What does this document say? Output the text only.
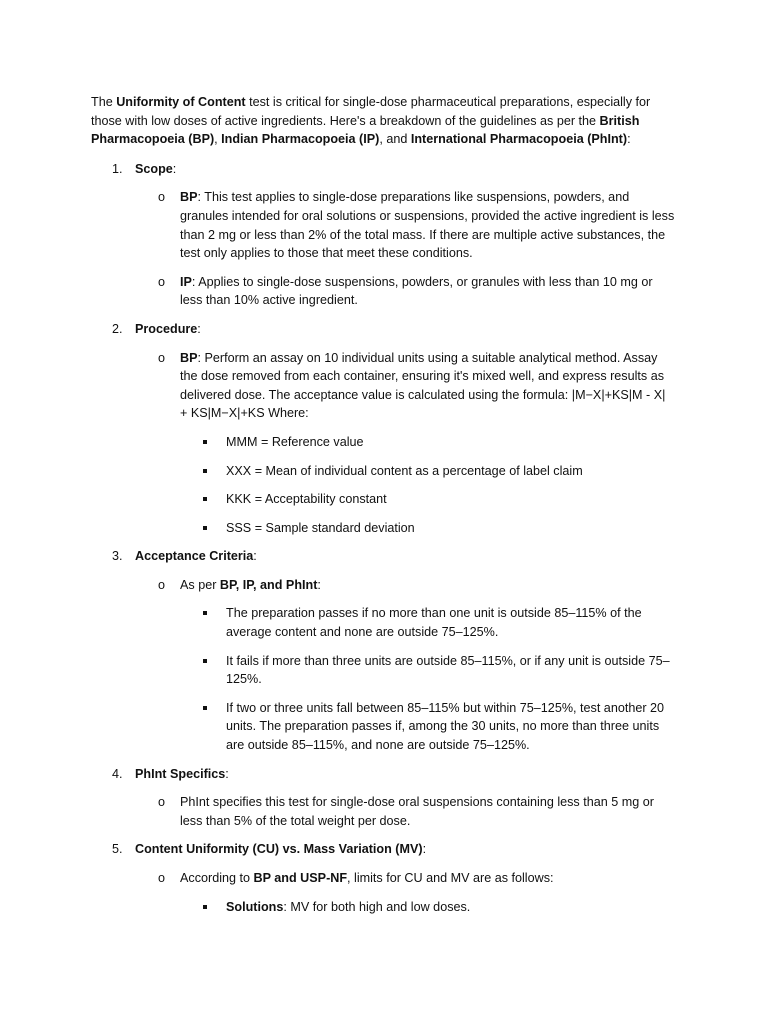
The Uniformity of Content test is critical for single-dose pharmaceutical preparations, especially for those with low doses of active ingredients. Here's a breakdown of the guidelines as per the British Pharmacopoeia (BP), Indian Pharmacopoeia (IP), and International Pharmacopoeia (PhInt):

1. Scope:

o BP: This test applies to single-dose preparations like suspensions, powders, and granules intended for oral solutions or suspensions, provided the active ingredient is less than 2 mg or less than 2% of the total mass. If there are multiple active substances, the test only applies to those that meet these conditions.
o IP: Applies to single-dose suspensions, powders, or granules with less than 10 mg or less than 10% active ingredient.
2. Procedure:

o BP: Perform an assay on 10 individual units using a suitable analytical method. Assay the dose removed from each container, ensuring it's mixed well, and express results as delivered dose. The acceptance value is calculated using the formula: |M−X|+KS|M - X| + KS|M−X|+KS Where:
MMM = Reference value
XXX = Mean of individual content as a percentage of label claim
KKK = Acceptability constant
SSS = Sample standard deviation
3. Acceptance Criteria:

o As per BP, IP, and PhInt:
The preparation passes if no more than one unit is outside 85–115% of the average content and none are outside 75–125%.
It fails if more than three units are outside 85–115%, or if any unit is outside 75–125%.
If two or three units fall between 85–115% but within 75–125%, test another 20 units. The preparation passes if, among the 30 units, no more than three units are outside 85–115%, and none are outside 75–125%.
4. PhInt Specifics:

o PhInt specifies this test for single-dose oral suspensions containing less than 5 mg or less than 5% of the total weight per dose.
5. Content Uniformity (CU) vs. Mass Variation (MV):

o According to BP and USP-NF, limits for CU and MV are as follows:
Solutions: MV for both high and low doses.
